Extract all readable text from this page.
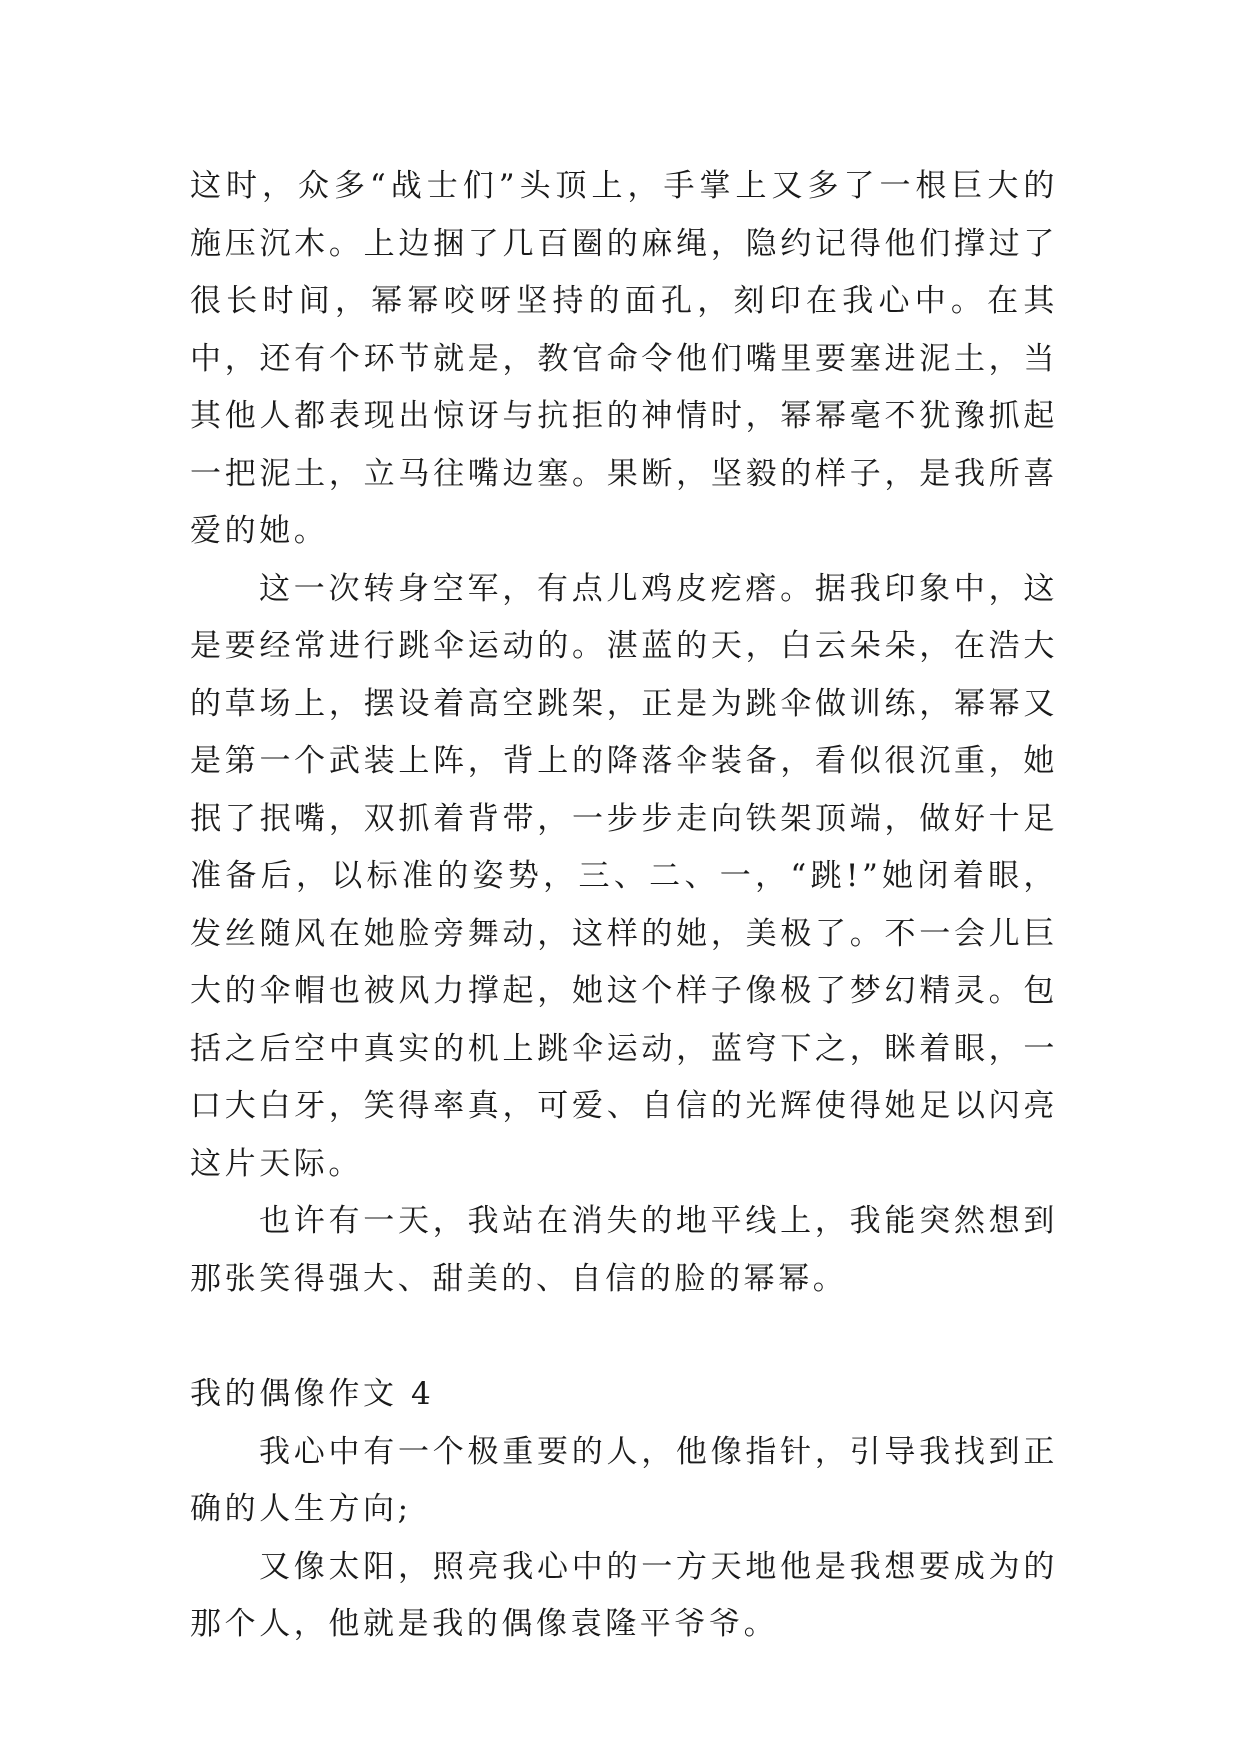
这时，众多“战士们”头顶上，手掌上又多了一根巨大的施压沉木。上边捆了几百圈的麻绳，隐约记得他们撑过了很长时间，幂幂咬呀坚持的面孔，刻印在我心中。在其中，还有个环节就是，教官命令他们嘴里要塞进泥土，当其他人都表现出惊讶与抗拒的神情时，幂幂毫不犹豫抓起一把泥土，立马往嘴边塞。果断，坚毅的样子，是我所喜爱的她。

这一次转身空军，有点儿鸡皮疙瘩。据我印象中，这是要经常进行跳伞运动的。湛蓝的天，白云朵朵，在浩大的草场上，摆设着高空跳架，正是为跳伞做训练，幂幂又是第一个武装上阵，背上的降落伞装备，看似很沉重，她抿了抿嘴，双抓着背带，一步步走向铁架顶端，做好十足准备后，以标准的姿势，三、二、一，“跳!”她闭着眼，发丝随风在她脸旁舞动，这样的她，美极了。不一会儿巨大的伞帽也被风力撑起，她这个样子像极了梦幻精灵。包括之后空中真实的机上跳伞运动，蓝穹下之，眯着眼，一口大白牙，笑得率真，可爱、自信的光辉使得她足以闪亮这片天际。

也许有一天，我站在消失的地平线上，我能突然想到那张笑得强大、甜美的、自信的脸的幂幂。

我的偶像作文 4

我心中有一个极重要的人，他像指针，引导我找到正确的人生方向;

又像太阳，照亮我心中的一方天地他是我想要成为的那个人，他就是我的偶像袁隆平爷爷。
